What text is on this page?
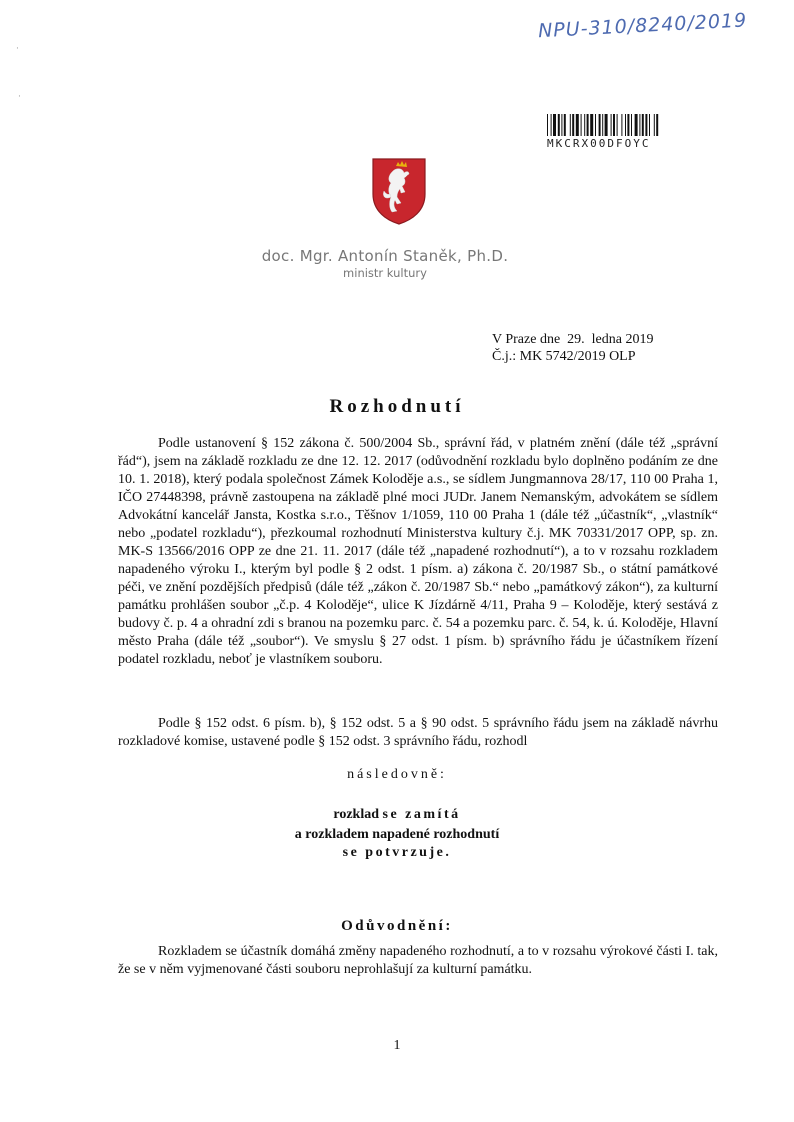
·
·
NPU-310/8240/2019
MKCRX00DFOYC
doc. Mgr. Antonín Staněk, Ph.D.
ministr kultury
V Praze dne  29.  ledna 2019
Č.j.: MK 5742/2019 OLP
Rozhodnutí

Podle ustanovení § 152 zákona č. 500/2004 Sb., správní řád, v platném znění (dále též „správní řád“), jsem na základě rozkladu ze dne 12. 12. 2017 (odůvodnění rozkladu bylo doplněno podáním ze dne 10. 1. 2018), který podala společnost Zámek Koloděje a.s., se sídlem Jungmannova 28/17, 110 00 Praha 1, IČO 27448398, právně zastoupena na základě plné moci JUDr. Janem Nemanským, advokátem se sídlem Advokátní kancelář Jansta, Kostka s.r.o., Těšnov 1/1059, 110 00 Praha 1 (dále též „účastník“, „vlastník“ nebo „podatel rozkladu“), přezkoumal rozhodnutí Ministerstva kultury č.j. MK 70331/2017 OPP, sp. zn. MK-S 13566/2016 OPP ze dne 21. 11. 2017 (dále též „napadené rozhodnutí“), a to v rozsahu rozkladem napadeného výroku I., kterým byl podle § 2 odst. 1 písm. a) zákona č. 20/1987 Sb., o státní památkové péči, ve znění pozdějších předpisů (dále též „zákon č. 20/1987 Sb.“ nebo „památkový zákon“), za kulturní památku prohlášen soubor „č.p. 4 Koloděje“, ulice K Jízdárně 4/11, Praha 9 – Koloděje, který sestává z budovy č. p. 4 a ohradní zdi s branou na pozemku parc. č. 54 a pozemku parc. č. 54, k. ú. Koloděje, Hlavní město Praha (dále též „soubor“). Ve smyslu § 27 odst. 1 písm. b) správního řádu je účastníkem řízení podatel rozkladu, neboť je vlastníkem souboru.

Podle § 152 odst. 6 písm. b), § 152 odst. 5 a § 90 odst. 5 správního řádu jsem na základě návrhu rozkladové komise, ustavené podle § 152 odst. 3 správního řádu, rozhodl

následovně:
rozklad se zamítá
a rozkladem napadené rozhodnutí
se potvrzuje.
Odůvodnění:

Rozkladem se účastník domáhá změny napadeného rozhodnutí, a to v rozsahu výrokové části I. tak, že se v něm vyjmenované části souboru neprohlašují za kulturní památku.

1
